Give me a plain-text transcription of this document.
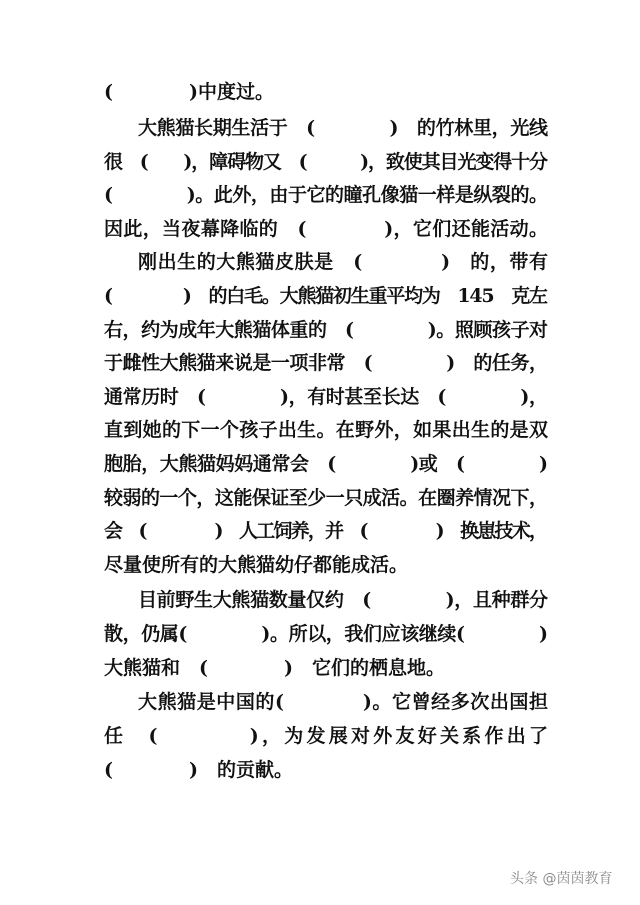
(　　　　)中度过。
大熊猫长期生活于　(　　　　)　的竹林里，光线
很　(　　)，障碍物又　(　　　)，致使其目光变得十分
(　　　　)。此外，由于它的瞳孔像猫一样是纵裂的。
因此，当夜幕降临的　(　　　　)，它们还能活动。
刚出生的大熊猫皮肤是　(　　　　)　的，带有
(　　　　)　的白毛。大熊猫初生重平均为　145　克左
右，约为成年大熊猫体重的　(　　　　)。照顾孩子对
于雌性大熊猫来说是一项非常　(　　　　)　的任务，
通常历时　(　　　　)，有时甚至长达　(　　　　)，
直到她的下一个孩子出生。在野外，如果出生的是双
胞胎，大熊猫妈妈通常会　(　　　　)或　(　　　　)
较弱的一个，这能保证至少一只成活。在圈养情况下，
会　(　　　　)　人工饲养，并　(　　　　)　换崽技术，
尽量使所有的大熊猫幼仔都能成活。
目前野生大熊猫数量仅约　(　　　　)，且种群分
散，仍属(　　　　)。所以，我们应该继续(　　　　)
大熊猫和　(　　　　)　它们的栖息地。
大熊猫是中国的(　　　　)。它曾经多次出国担
任　(　　　　)，为发展对外友好关系作出了
(　　　　)　的贡献。
头条 @茵茵教育
